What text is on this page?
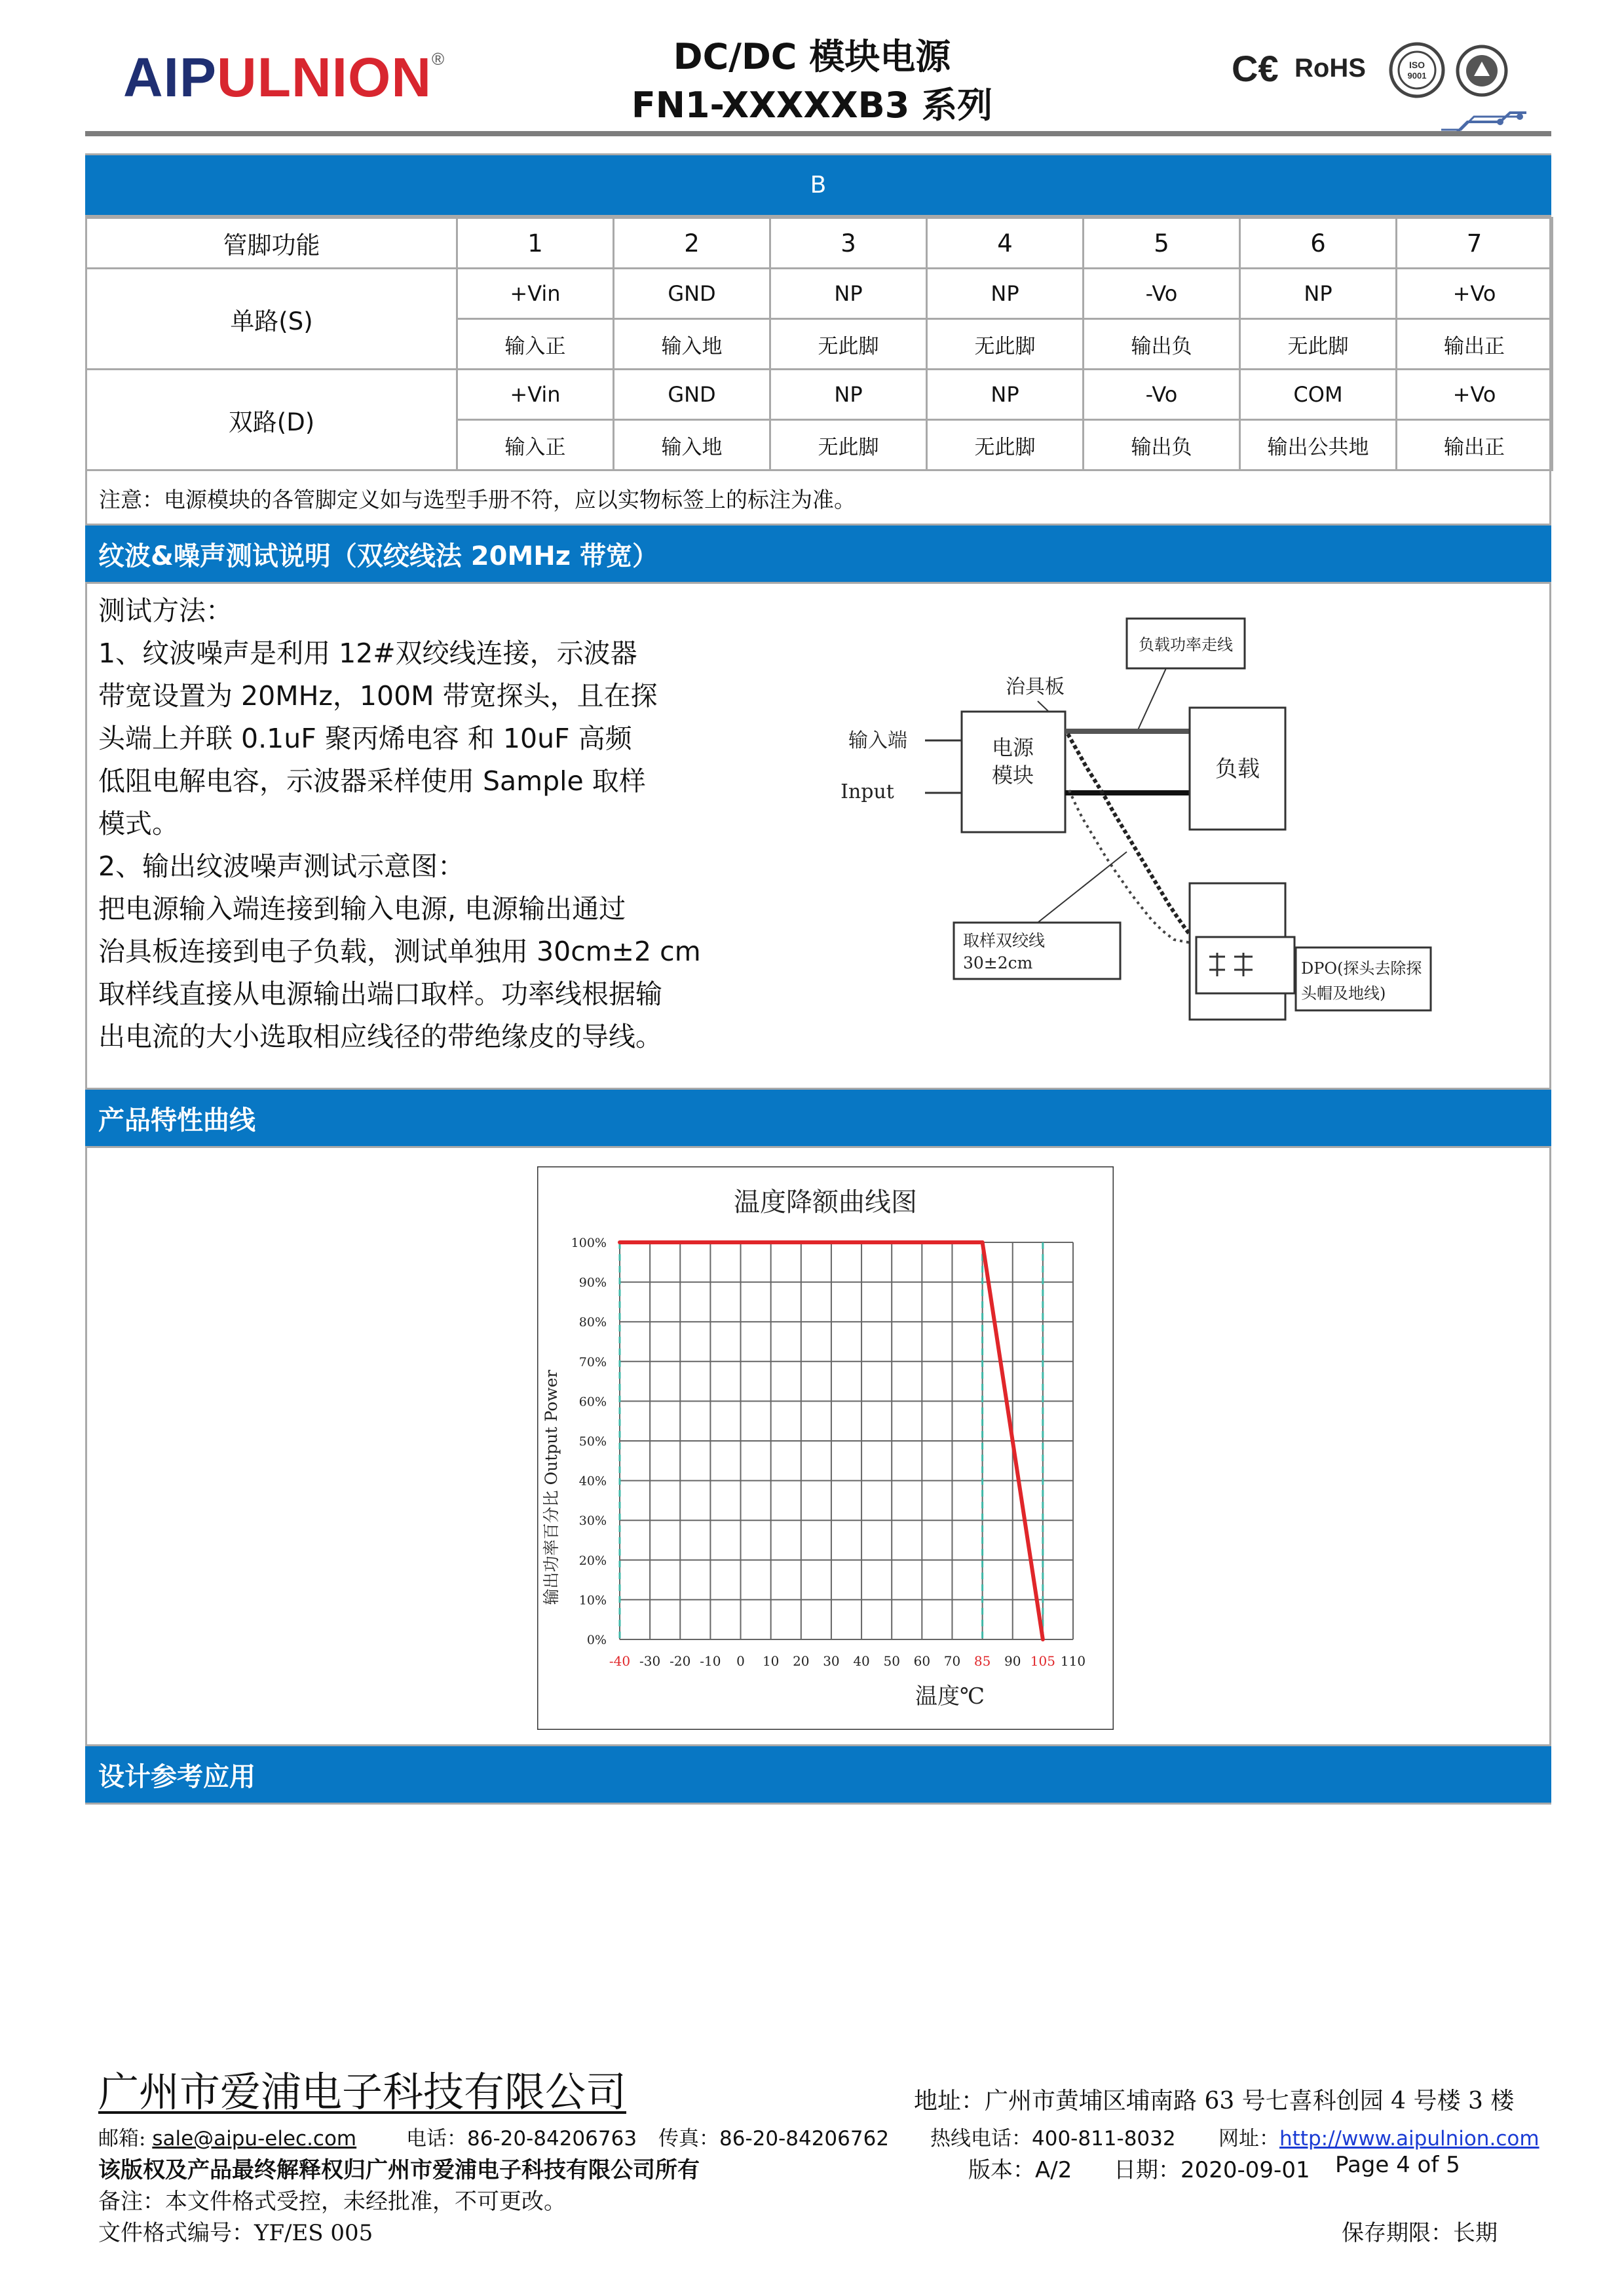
AIPULNION®	DC/DC 模块电源
FN1-XXXXXB3 系列
C€ RoHS	ISO
9001
B
管脚功能	1	2	3	4	5	6	7
单路(S)	+Vin	GND	NP	NP	-Vo	NP	+Vo
	输入正	输入地	无此脚	无此脚	输出负	无此脚	输出正
双路(D)	+Vin	GND	NP	NP	-Vo	COM	+Vo
	输入正	输入地	无此脚	无此脚	输出负	输出公共地	输出正
注意：电源模块的各管脚定义如与选型手册不符，应以实物标签上的标注为准。
纹波&噪声测试说明（双绞线法 20MHz 带宽）

测试方法：

1、纹波噪声是利用 12#双绞线连接，示波器

带宽设置为 20MHz，100M 带宽探头，且在探

头端上并联 0.1uF 聚丙烯电容 和 10uF 高频

低阻电解电容，示波器采样使用 Sample 取样

模式。

2、输出纹波噪声测试示意图：

把电源输入端连接到输入电源, 电源输出通过

治具板连接到电子负载，测试单独用 30cm±2 cm

取样线直接从电源输出端口取样。功率线根据输

出电流的大小选取相应线径的带绝缘皮的导线。

负载功率走线
治具板
输入端
Input
电源
模块	负载
DPO(探头去除探
头帽及地线)
取样双绞线
30±2cm
产品特性曲线
温度降额曲线图
0%
10%
20%
30%
40%
50%
60%
70%
80%
90%
100%
-40 -30 -20 -10 0 10 20 30 40 50 60 70 85 90 105 110
输出功率百分比 Output Power
温度℃
设计参考应用
广州市爱浦电子科技有限公司	地址：广州市黄埔区埔南路 63 号七喜科创园 4 号楼 3 楼
邮箱: sale@aipu-elec.com 电话：86-20-84206763 传真：86-20-84206762 热线电话：400-811-8032 网址：http://www.aipulnion.com
该版权及产品最终解释权归广州市爱浦电子科技有限公司所有	版本：A/2 日期：2020-09-01 Page 4 of 5
备注：本文件格式受控，未经批准，不可更改。
文件格式编号：YF/ES 005	保存期限：长期
